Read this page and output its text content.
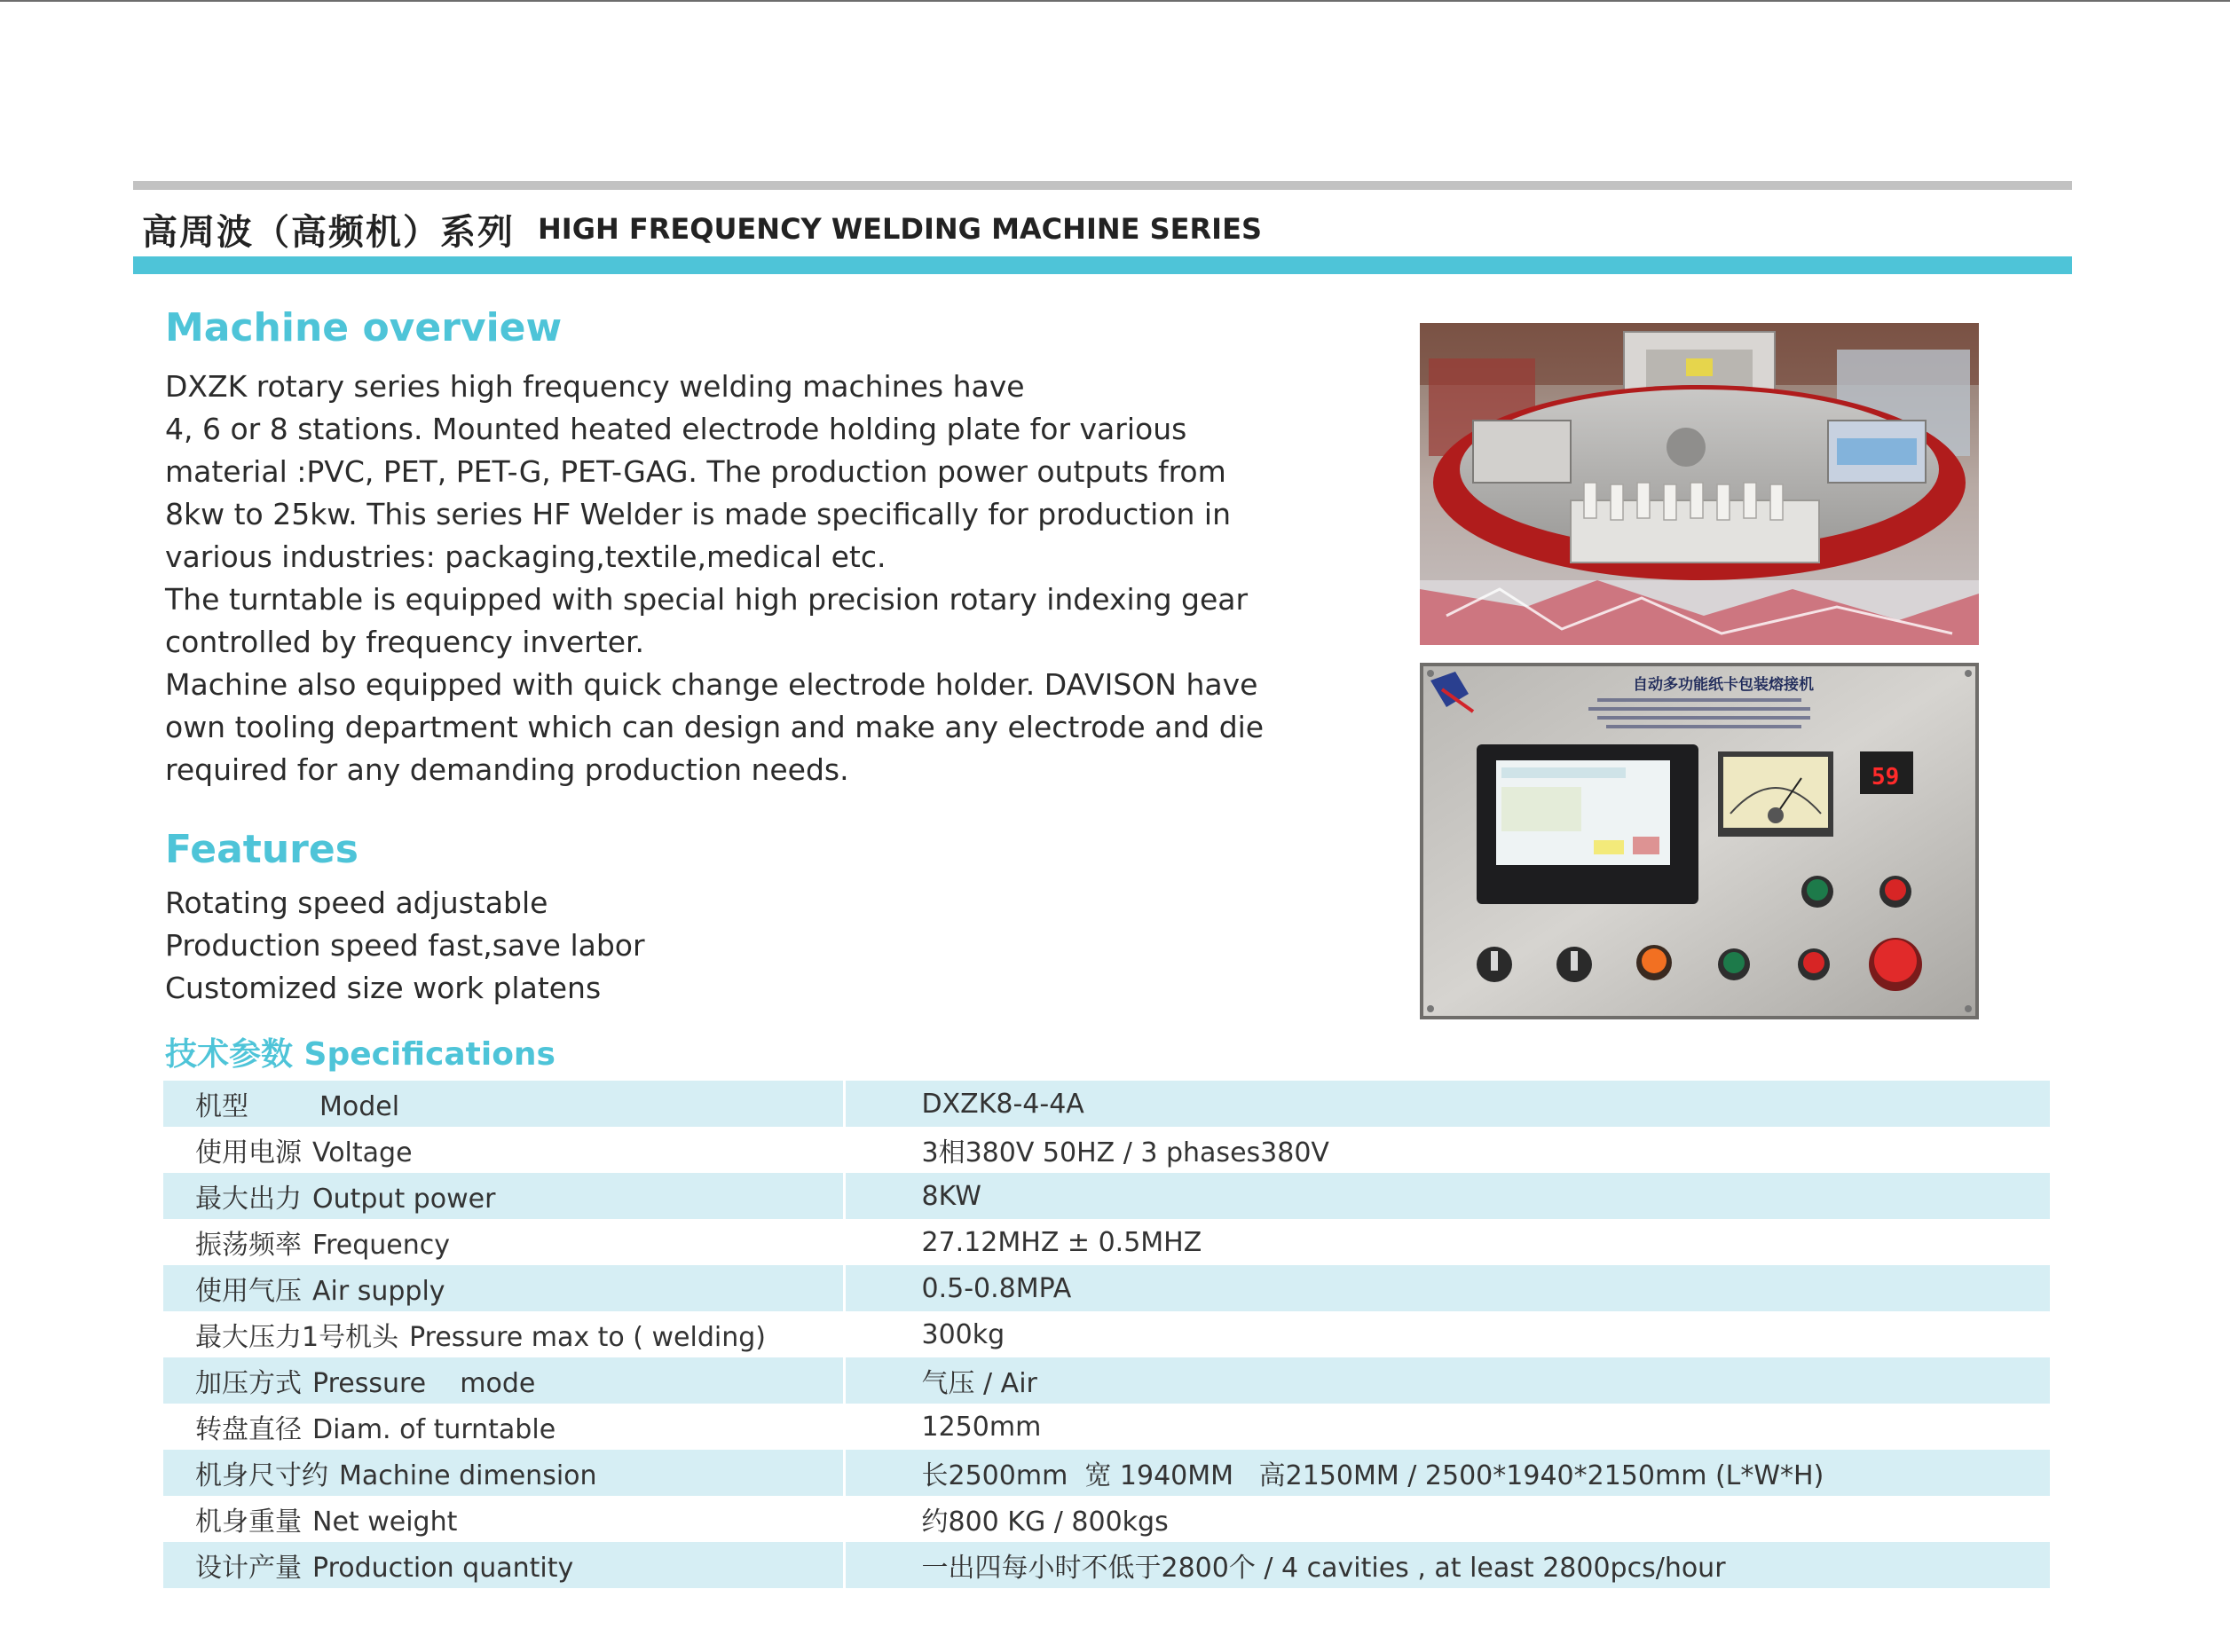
高周波（高频机）系列 HIGH FREQUENCY WELDING MACHINE SERIES
Machine overview
DXZK rotary series high frequency welding machines have
4, 6 or 8 stations. Mounted heated electrode holding plate for various
material :PVC, PET, PET-G, PET-GAG. The production power outputs from
8kw to 25kw. This series HF Welder is made specifically for production in
various industries: packaging,textile,medical etc.
The turntable is equipped with special high precision rotary indexing gear
controlled by frequency inverter.
Machine also equipped with quick change electrode holder. DAVISON have
own tooling department which can design and make any electrode and die
required for any demanding production needs.
Features
Rotating speed adjustable
Production speed fast,save labor
Customized size work platens
自动多功能纸卡包装熔接机
59
技术参数 Specifications
机型 Model	DXZK8-4-4A
使用电源 Voltage	3相380V 50HZ / 3 phases380V
最大出力 Output power	8KW
振荡频率 Frequency	27.12MHZ ± 0.5MHZ
使用气压 Air supply	0.5-0.8MPA
最大压力1号机头 Pressure max to ( welding)	300kg
加压方式 Pressure    mode	气压 / Air
转盘直径 Diam. of turntable	1250mm
机身尺寸约 Machine dimension	长2500mm  宽 1940MM   高2150MM / 2500*1940*2150mm (L*W*H)
机身重量 Net weight	约800 KG / 800kgs
设计产量 Production quantity	一出四每小时不低于2800个 / 4 cavities , at least 2800pcs/hour
